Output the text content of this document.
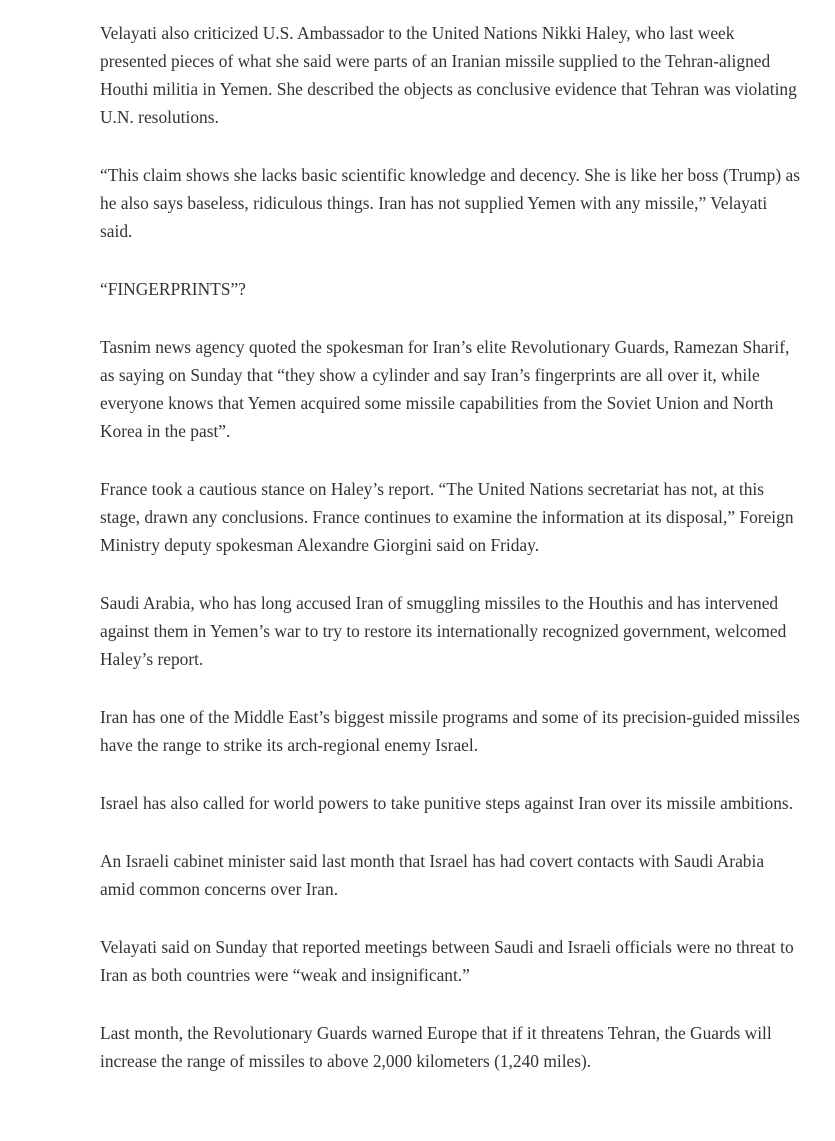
Velayati also criticized U.S. Ambassador to the United Nations Nikki Haley, who last week presented pieces of what she said were parts of an Iranian missile supplied to the Tehran-aligned Houthi militia in Yemen. She described the objects as conclusive evidence that Tehran was violating U.N. resolutions.

“This claim shows she lacks basic scientific knowledge and decency. She is like her boss (Trump) as he also says baseless, ridiculous things. Iran has not supplied Yemen with any missile,” Velayati said.

“FINGERPRINTS”?

Tasnim news agency quoted the spokesman for Iran’s elite Revolutionary Guards, Ramezan Sharif, as saying on Sunday that “they show a cylinder and say Iran’s fingerprints are all over it, while everyone knows that Yemen acquired some missile capabilities from the Soviet Union and North Korea in the past”.

France took a cautious stance on Haley’s report. “The United Nations secretariat has not, at this stage, drawn any conclusions. France continues to examine the information at its disposal,” Foreign Ministry deputy spokesman Alexandre Giorgini said on Friday.

Saudi Arabia, who has long accused Iran of smuggling missiles to the Houthis and has intervened against them in Yemen’s war to try to restore its internationally recognized government, welcomed Haley’s report.

Iran has one of the Middle East’s biggest missile programs and some of its precision-guided missiles have the range to strike its arch-regional enemy Israel.

Israel has also called for world powers to take punitive steps against Iran over its missile ambitions.

An Israeli cabinet minister said last month that Israel has had covert contacts with Saudi Arabia amid common concerns over Iran.

Velayati said on Sunday that reported meetings between Saudi and Israeli officials were no threat to Iran as both countries were “weak and insignificant.”

Last month, the Revolutionary Guards warned Europe that if it threatens Tehran, the Guards will increase the range of missiles to above 2,000 kilometers (1,240 miles).
